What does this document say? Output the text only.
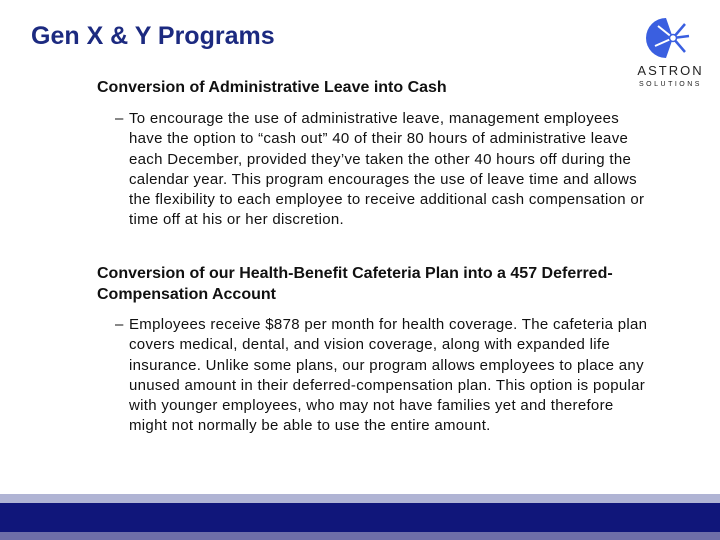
Gen X & Y Programs
ASTRON
SOLUTIONS
Conversion of Administrative Leave into Cash
– To encourage the use of administrative leave, management employees have the option to “cash out” 40 of their 80 hours of administrative leave each December, provided they’ve taken the other 40 hours off during the calendar year. This program encourages the use of leave time and allows the flexibility to each employee to receive additional cash compensation or time off at his or her discretion.
Conversion of our Health-Benefit Cafeteria Plan into a 457 Deferred-Compensation Account
– Employees receive $878 per month for health coverage. The cafeteria plan covers medical, dental, and vision coverage, along with expanded life insurance. Unlike some plans, our program allows employees to place any unused amount in their deferred-compensation plan. This option is popular with younger employees, who may not have families yet and therefore might not normally be able to use the entire amount.
